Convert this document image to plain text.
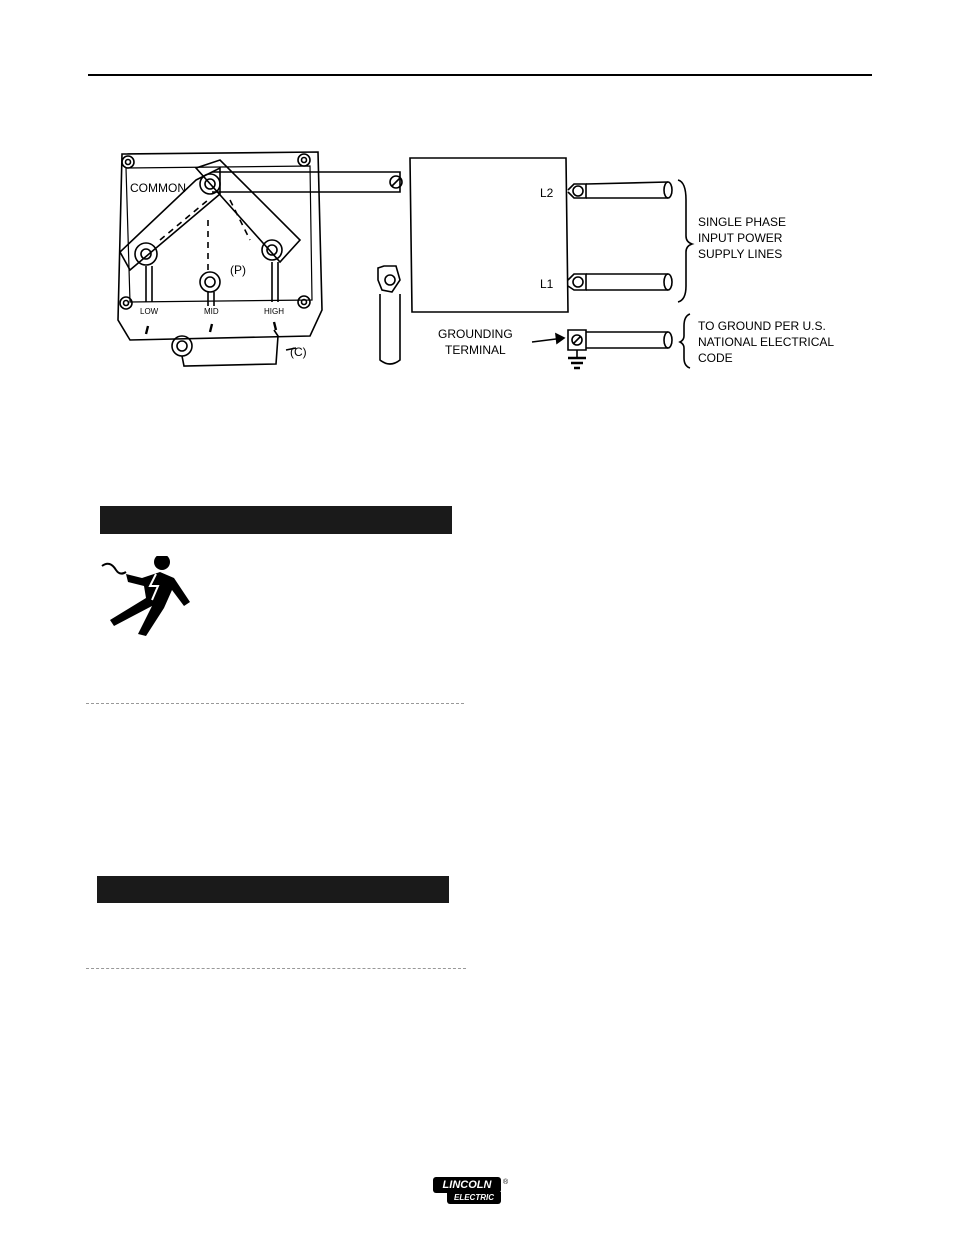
COMMON
(P)
(C)
LOW	MID	HIGH
L2
L1
GROUNDING
TERMINAL
SINGLE PHASE
INPUT POWER
SUPPLY LINES
TO GROUND PER U.S.
NATIONAL ELECTRICAL
CODE
LINCOLN
ELECTRIC
®
